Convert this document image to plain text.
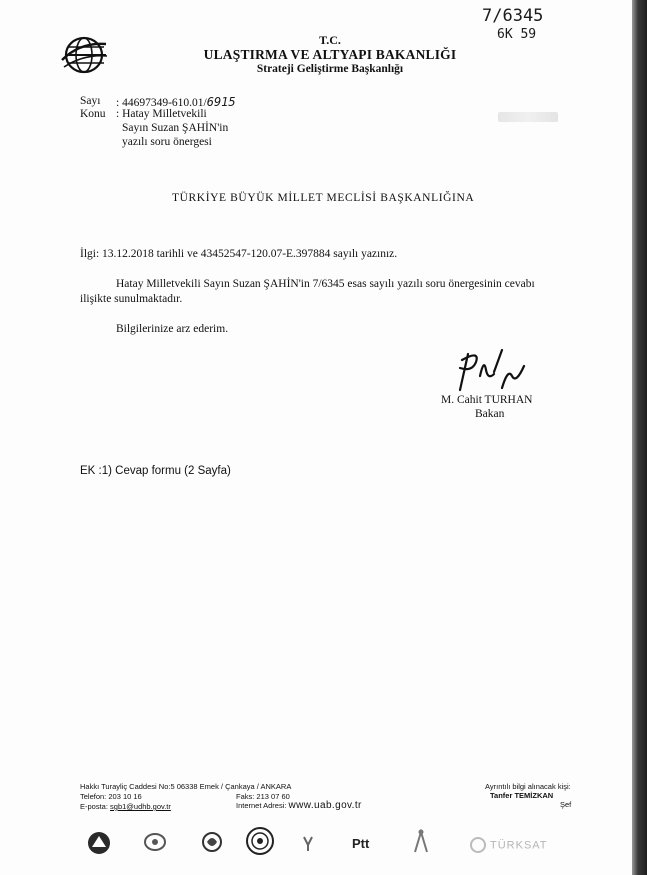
7/6345
6K 59
T.C.
ULAŞTIRMA VE ALTYAPI BAKANLIĞI
Strateji Geliştirme Başkanlığı
Sayı : 44697349-610.01/6915
Konu : Hatay Milletvekili
Sayın Suzan ŞAHİN'in
yazılı soru önergesi
TÜRKİYE BÜYÜK MİLLET MECLİSİ BAŞKANLIĞINA
İlgi: 13.12.2018 tarihli ve 43452547-120.07-E.397884 sayılı yazınız.
Hatay Milletvekili Sayın Suzan ŞAHİN'in 7/6345 esas sayılı yazılı soru önergesinin cevabı
ilişikte sunulmaktadır.
Bilgilerinize arz ederim.
M. Cahit TURHAN
Bakan
EK :1) Cevap formu (2 Sayfa)
Hakkı Turayliç Caddesi No:5 06338 Emek / Çankaya / ANKARA
Telefon: 203 10 16	Faks: 213 07 60
E-posta: sgb1@udhb.gov.tr	Internet Adresi: www.uab.gov.tr
Ayrıntılı bilgi alınacak kişi:
Tanfer TEMİZKAN
Şef
Ptt	TÜRKSAT
